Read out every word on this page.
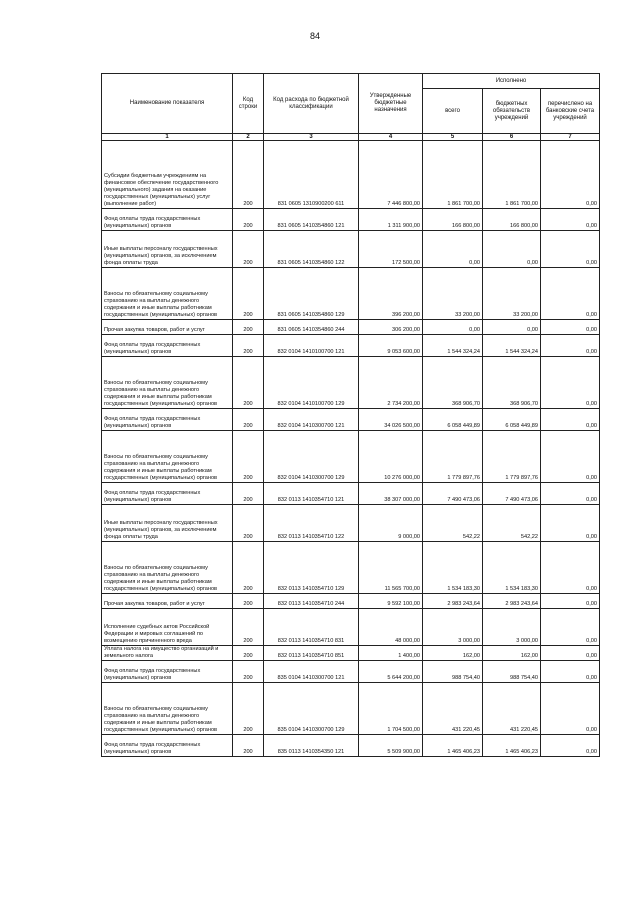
84
Наименование показателя	Код строки	Код расхода по бюджетной классификации	Утвержденные бюджетные назначения	Исполнено		
				всего	бюджетных обязательств учреждений	перечислено на банковские счета учреждений
1	2	3	4	5	6	7
Субсидии бюджетным учреждениям на финансовое обеспечение государственного (муниципального) задания на оказание государственных (муниципальных) услуг (выполнение работ)	200	831 0605 1310900200 611	7 446 800,00	1 861 700,00	1 861 700,00	0,00
Фонд оплаты труда государственных (муниципальных) органов	200	831 0605 1410354860 121	1 311 900,00	166 800,00	166 800,00	0,00
Иные выплаты персоналу государственных (муниципальных) органов, за исключением фонда оплаты труда	200	831 0605 1410354860 122	172 500,00	0,00	0,00	0,00
Взносы по обязательному социальному страхованию на выплаты денежного содержания и иные выплаты работникам государственных (муниципальных) органов	200	831 0605 1410354860 129	396 200,00	33 200,00	33 200,00	0,00
Прочая закупка товаров, работ и услуг	200	831 0605 1410354860 244	306 200,00	0,00	0,00	0,00
Фонд оплаты труда государственных (муниципальных) органов	200	832 0104 1410100700 121	9 053 600,00	1 544 324,24	1 544 324,24	0,00
Взносы по обязательному социальному страхованию на выплаты денежного содержания и иные выплаты работникам государственных (муниципальных) органов	200	832 0104 1410100700 129	2 734 200,00	368 906,70	368 906,70	0,00
Фонд оплаты труда государственных (муниципальных) органов	200	832 0104 1410300700 121	34 026 500,00	6 058 449,89	6 058 449,89	0,00
Взносы по обязательному социальному страхованию на выплаты денежного содержания и иные выплаты работникам государственных (муниципальных) органов	200	832 0104 1410300700 129	10 276 000,00	1 779 897,76	1 779 897,76	0,00
Фонд оплаты труда государственных (муниципальных) органов	200	832 0113 1410354710 121	38 307 000,00	7 490 473,06	7 490 473,06	0,00
Иные выплаты персоналу государственных (муниципальных) органов, за исключением фонда оплаты труда	200	832 0113 1410354710 122	9 000,00	542,22	542,22	0,00
Взносы по обязательному социальному страхованию на выплаты денежного содержания и иные выплаты работникам государственных (муниципальных) органов	200	832 0113 1410354710 129	11 565 700,00	1 534 183,30	1 534 183,30	0,00
Прочая закупка товаров, работ и услуг	200	832 0113 1410354710 244	9 592 100,00	2 983 243,64	2 983 243,64	0,00
Исполнение судебных актов Российской Федерации и мировых соглашений по возмещению причиненного вреда	200	832 0113 1410354710 831	48 000,00	3 000,00	3 000,00	0,00
Уплата налога на имущество организаций и земельного налога	200	832 0113 1410354710 851	1 400,00	162,00	162,00	0,00
Фонд оплаты труда государственных (муниципальных) органов	200	835 0104 1410300700 121	5 644 200,00	988 754,40	988 754,40	0,00
Взносы по обязательному социальному страхованию на выплаты денежного содержания и иные выплаты работникам государственных (муниципальных) органов	200	835 0104 1410300700 129	1 704 500,00	431 220,45	431 220,45	0,00
Фонд оплаты труда государственных (муниципальных) органов	200	835 0113 1410354350 121	5 509 900,00	1 465 406,23	1 465 406,23	0,00
